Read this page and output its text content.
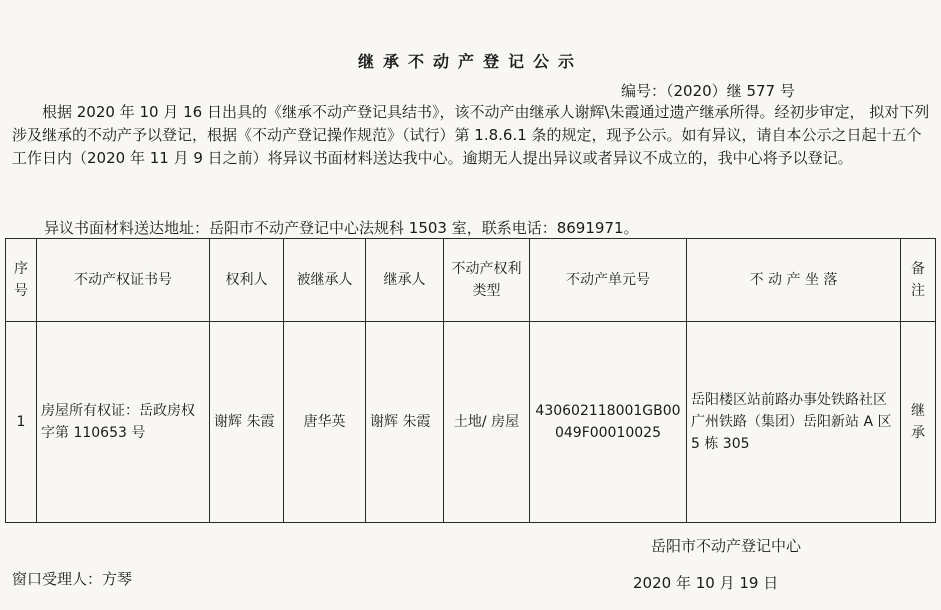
继承不动产登记公示
编号：（2020）继 577 号
根据 2020 年 10 月 16 日出具的《继承不动产登记具结书》，该不动产由继承人谢辉\朱霞通过遗产继承所得。经初步审定， 拟对下列涉及继承的不动产予以登记，根据《不动产登记操作规范》（试行）第 1.8.6.1 条的规定，现予公示。如有异议，请自本公示之日起十五个工作日内（2020 年 11 月 9 日之前）将异议书面材料送达我中心。逾期无人提出异议或者异议不成立的，我中心将予以登记。
异议书面材料送达地址：岳阳市不动产登记中心法规科 1503 室，联系电话：8691971。
序号	不动产权证书号	权利人	被继承人	继承人	不动产权利类型	不动产单元号	不 动 产 坐 落	备注
1	房屋所有权证：岳政房权字第 110653 号	谢辉 朱霞	唐华英	谢辉 朱霞	土地/ 房屋	430602118001GB00049F00010025	岳阳楼区站前路办事处铁路社区广州铁路（集团）岳阳新站 A 区 5 栋 305	继承
岳阳市不动产登记中心
窗口受理人：方琴	2020 年 10 月 19 日
